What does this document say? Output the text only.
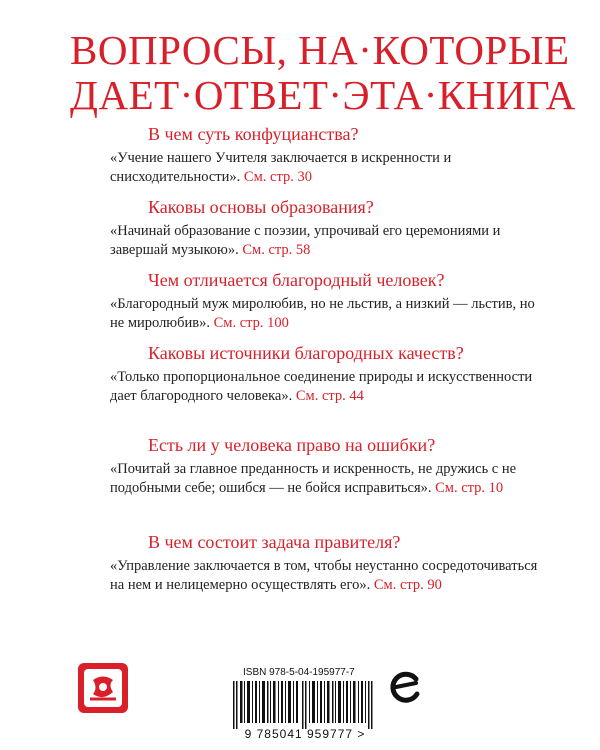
ВОПРОСЫ, НА·КОТОРЫЕ
ДАЕТ·ОТВЕТ·ЭТА·КНИГА
В чем суть конфуцианства?
«Учение нашего Учителя заключается в искренности и снисходительности». См. стр. 30
Каковы основы образования?
«Начинай образование с поэзии, упрочивай его церемониями и завершай музыкою». См. стр. 58
Чем отличается благородный человек?
«Благородный муж миролюбив, но не льстив, а низкий — льстив, но не миролюбив». См. стр. 100
Каковы источники благородных качеств?
«Только пропорциональное соединение природы и искусственности дает благородного человека». См. стр. 44
Есть ли у человека право на ошибки?
«Почитай за главное преданность и искренность, не дружись с не подобными себе; ошибся — не бойся исправиться». См. стр. 10
В чем состоит задача правителя?
«Управление заключается в том, чтобы неустанно сосредоточиваться на нем и нелицемерно осуществлять его». См. стр. 90
ISBN 978-5-04-195977-7
9 785041 959777 >
